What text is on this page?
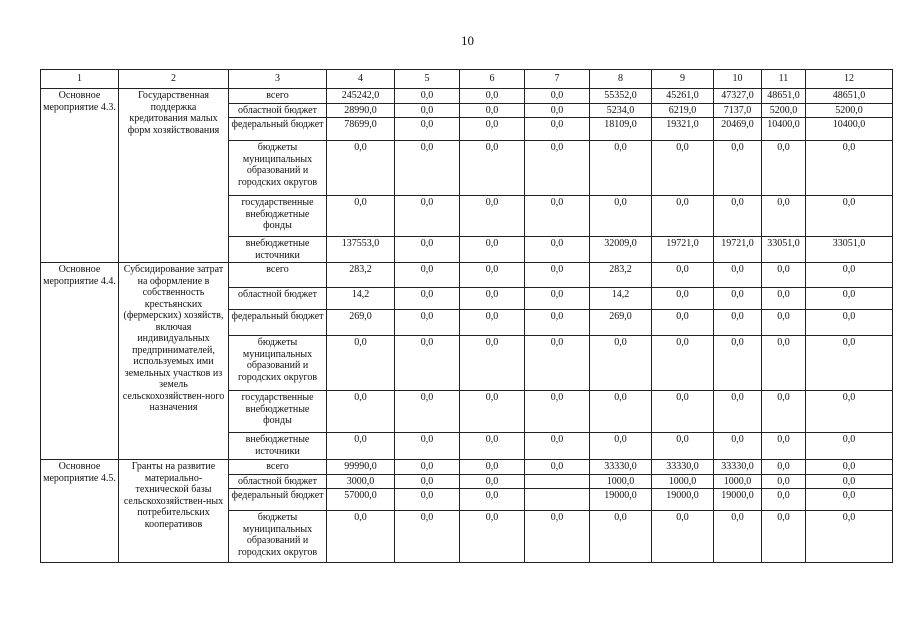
10
1	2	3	4	5	6	7	8	9	10	11	12
Основное мероприятие 4.3.	Государственная поддержка кредитования малых форм хозяйствования	всего	245242,0	0,0	0,0	0,0	55352,0	45261,0	47327,0	48651,0	48651,0
		областной бюджет	28990,0	0,0	0,0	0,0	5234,0	6219,0	7137,0	5200,0	5200,0
		федеральный бюджет	78699,0	0,0	0,0	0,0	18109,0	19321,0	20469,0	10400,0	10400,0
		бюджеты муниципальных образований и городских округов	0,0	0,0	0,0	0,0	0,0	0,0	0,0	0,0	0,0
		государственные внебюджетные фонды	0,0	0,0	0,0	0,0	0,0	0,0	0,0	0,0	0,0
		внебюджетные источники	137553,0	0,0	0,0	0,0	32009,0	19721,0	19721,0	33051,0	33051,0
Основное мероприятие 4.4.	Субсидирование затрат на оформление в собственность крестьянских (фермерских) хозяйств, включая индивидуальных предпринимателей, используемых ими земельных участков из земель сельскохозяйствен-ного назначения	всего	283,2	0,0	0,0	0,0	283,2	0,0	0,0	0,0	0,0
		областной бюджет	14,2	0,0	0,0	0,0	14,2	0,0	0,0	0,0	0,0
		федеральный бюджет	269,0	0,0	0,0	0,0	269,0	0,0	0,0	0,0	0,0
		бюджеты муниципальных образований и городских округов	0,0	0,0	0,0	0,0	0,0	0,0	0,0	0,0	0,0
		государственные внебюджетные фонды	0,0	0,0	0,0	0,0	0,0	0,0	0,0	0,0	0,0
		внебюджетные источники	0,0	0,0	0,0	0,0	0,0	0,0	0,0	0,0	0,0
Основное мероприятие 4.5.	Гранты на развитие материально-технической базы сельскохозяйствен-ных потребительских кооперативов	всего	99990,0	0,0	0,0	0,0	33330,0	33330,0	33330,0	0,0	0,0
		областной бюджет	3000,0	0,0	0,0		1000,0	1000,0	1000,0	0,0	0,0
		федеральный бюджет	57000,0	0,0	0,0		19000,0	19000,0	19000,0	0,0	0,0
		бюджеты муниципальных образований и городских округов	0,0	0,0	0,0	0,0	0,0	0,0	0,0	0,0	0,0
